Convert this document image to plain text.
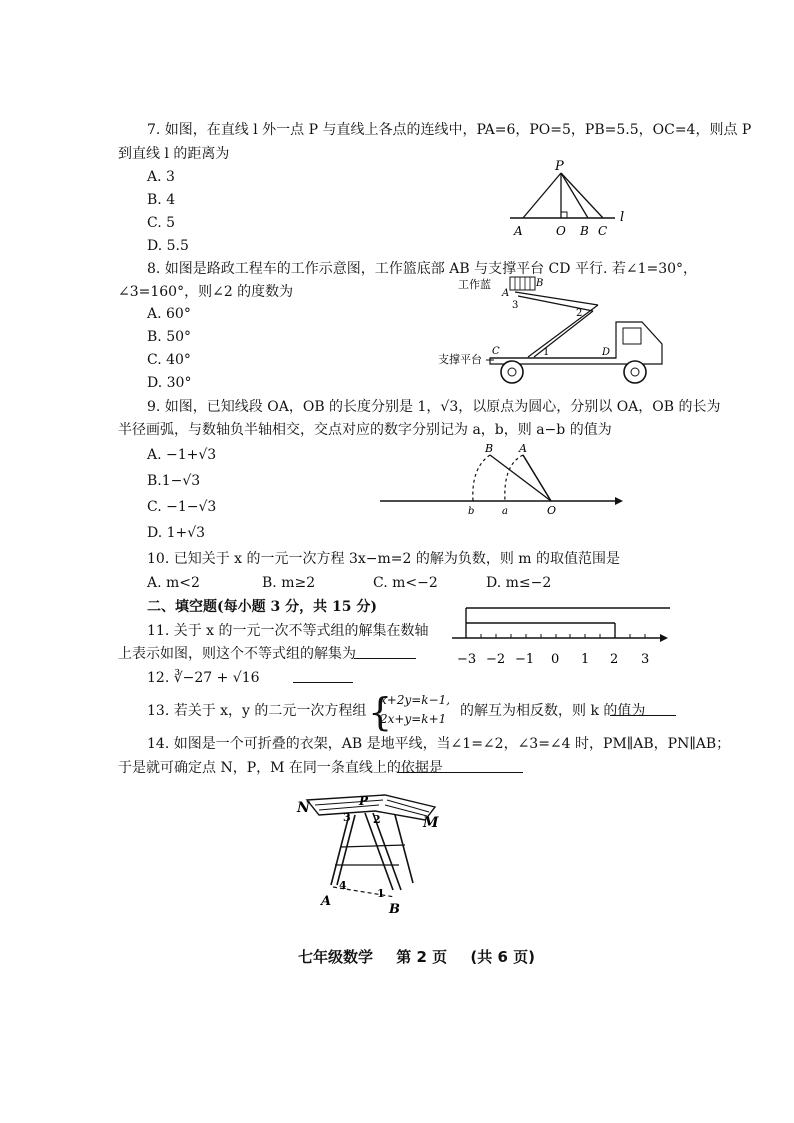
7. 如图，在直线 l 外一点 P 与直线上各点的连线中，PA=6，PO=5，PB=5.5，OC=4，则点 P
到直线 l 的距离为
A. 3
B. 4
C. 5
D. 5.5
P
A	O B C
l
8. 如图是路政工程车的工作示意图，工作篮底部 AB 与支撑平台 CD 平行. 若∠1=30°，
∠3=160°，则∠2 的度数为
A. 60°
B. 50°
C. 40°
D. 30°
工作蓝
A
B
3
2
1
C	D
支撑平台
9. 如图，已知线段 OA，OB 的长度分别是 1，√3，以原点为圆心，分别以 OA，OB 的长为
半径画弧，与数轴负半轴相交，交点对应的数字分别记为 a，b，则 a−b 的值为
A. −1+√3
B.1−√3
C. −1−√3
D. 1+√3
B A
b	a	O
10. 已知关于 x 的一元一次方程 3x−m=2 的解为负数，则 m 的取值范围是
A. m<2	B. m≥2	C. m<−2	D. m≤−2
二、填空题(每小题 3 分，共 15 分)
11. 关于 x 的一元一次不等式组的解集在数轴
上表示如图，则这个不等式组的解集为	−3 −2 −1 0 1 2 3
12. ∛−27 + √16
13. 若关于 x，y 的二元一次方程组 {
x+2y=k−1,
2x+y=k+1 的解互为相反数，则 k 的值为
14. 如图是一个可折叠的衣架，AB 是地平线，当∠1=∠2，∠3=∠4 时，PM∥AB，PN∥AB；
于是就可确定点 N，P，M 在同一条直线上的依据是
N	P
M
3 2
4
1
A
B
七年级数学 第 2 页 (共 6 页)
